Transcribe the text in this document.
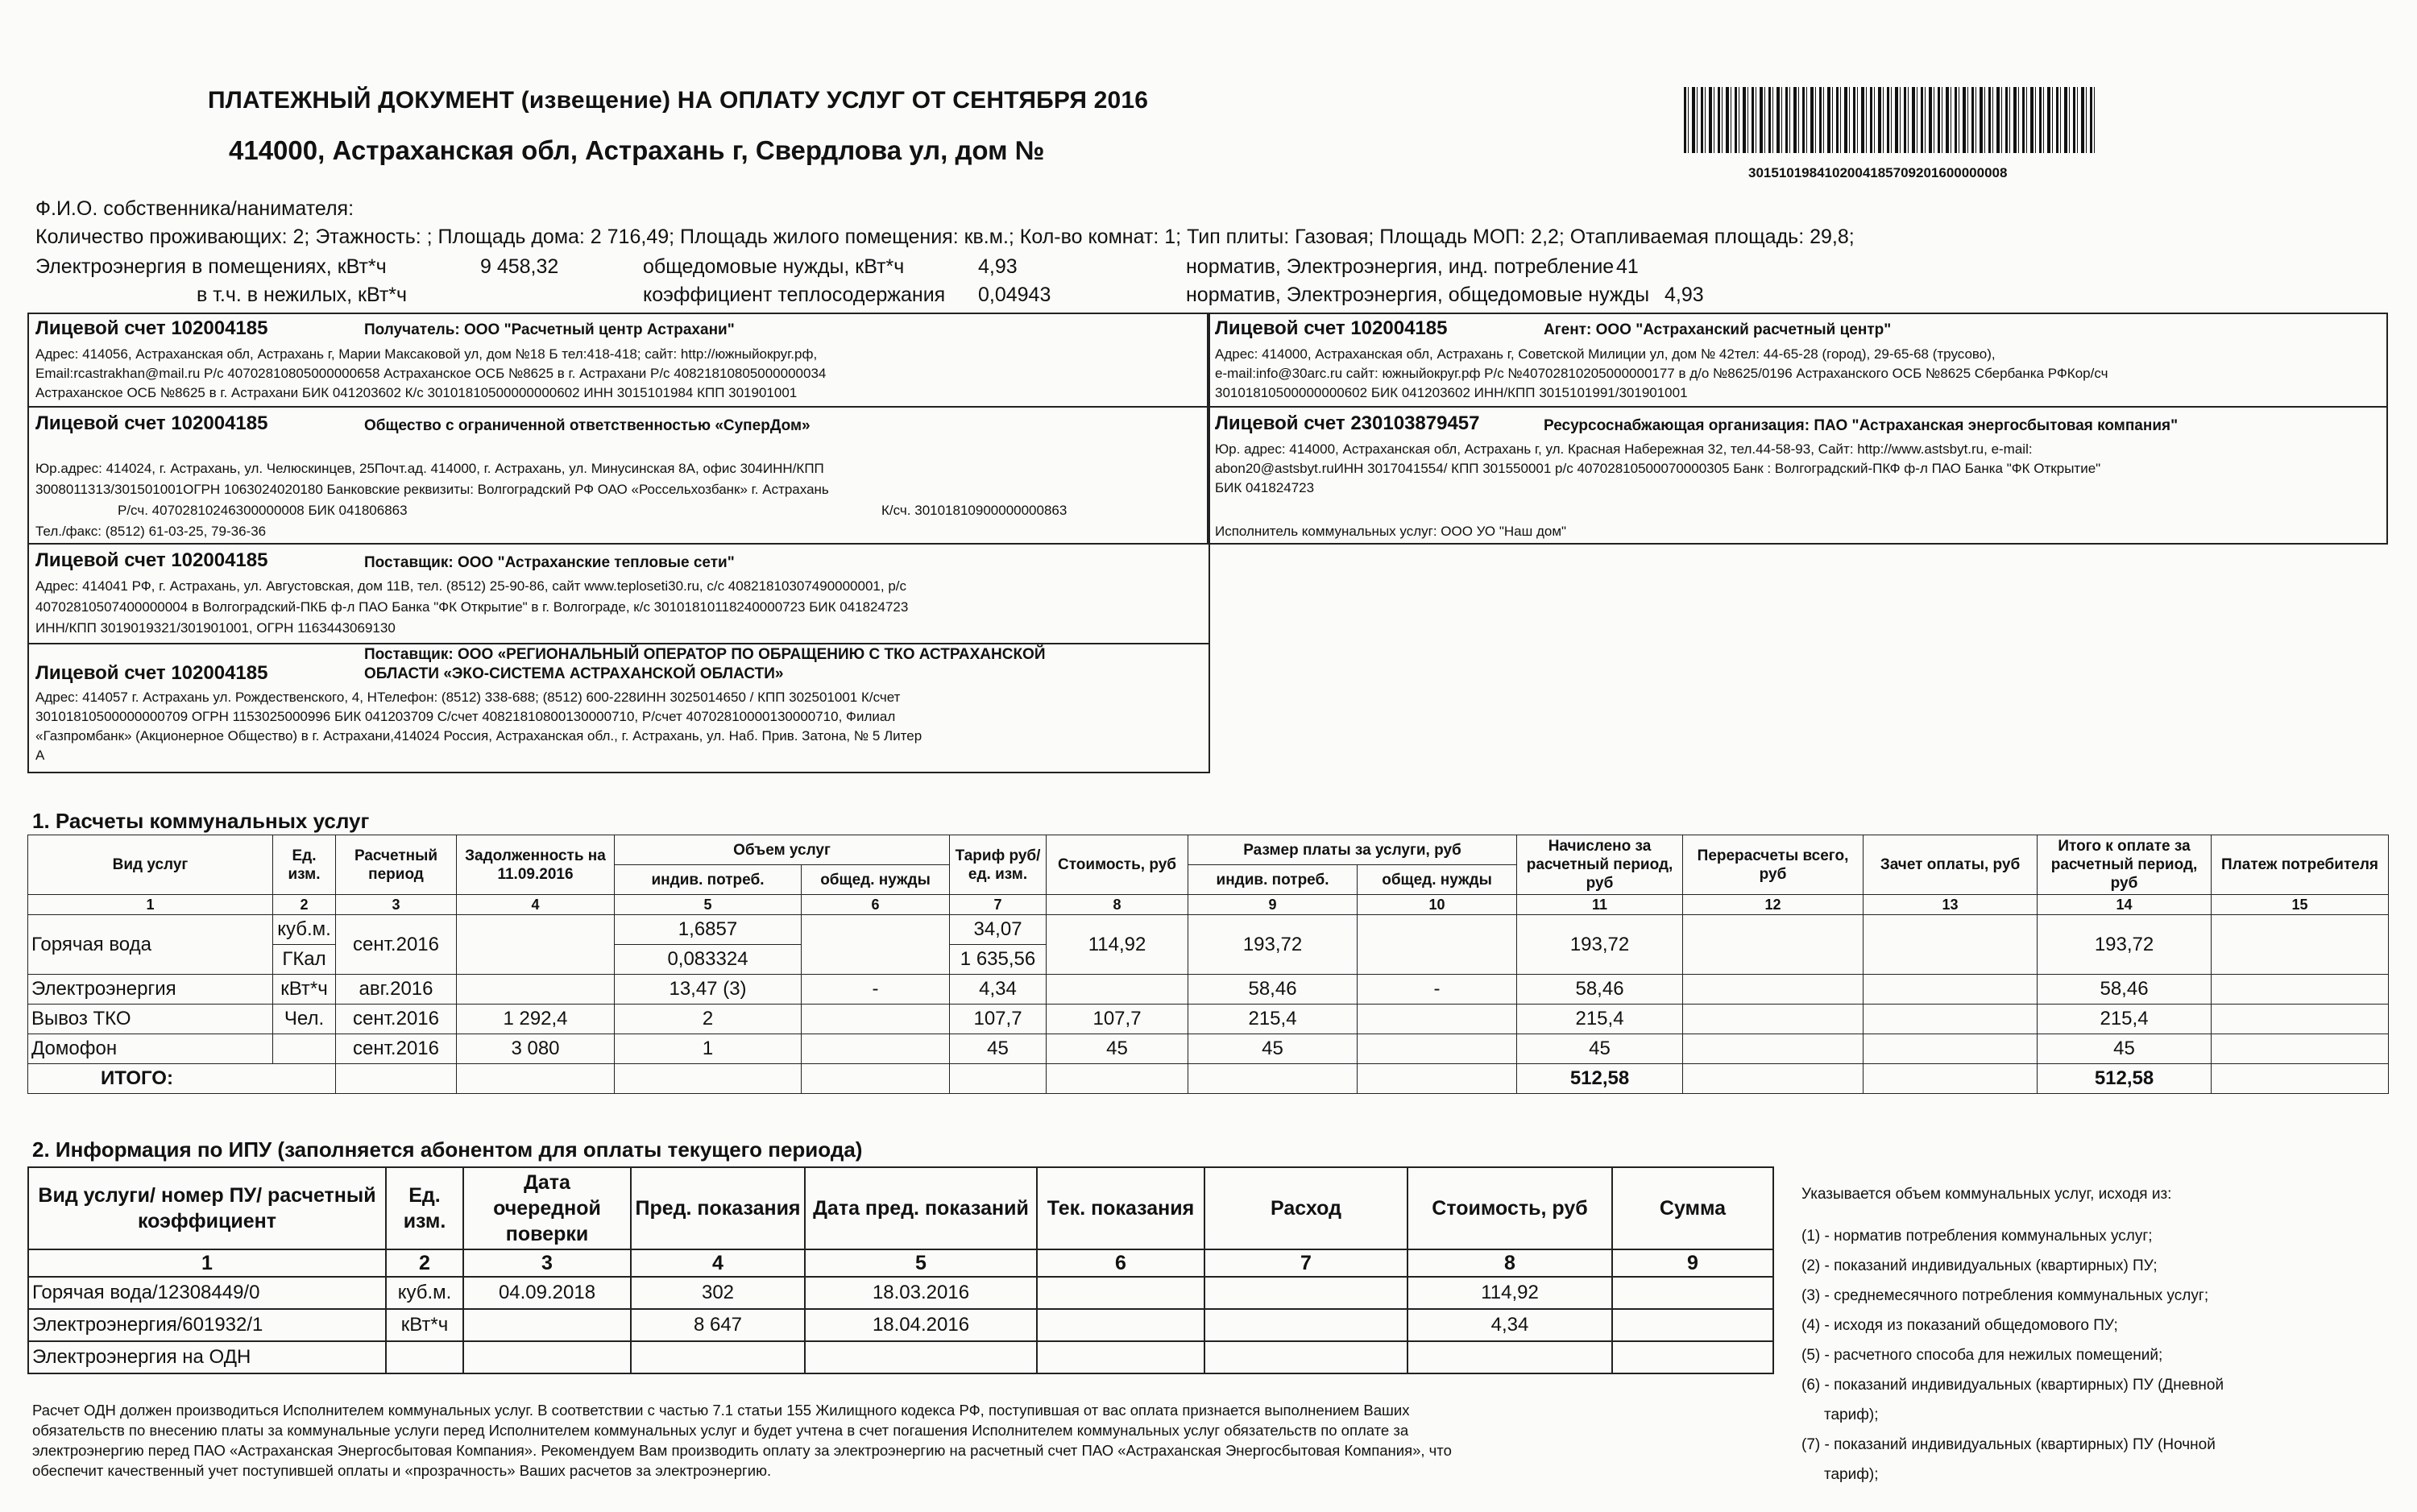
ПЛАТЕЖНЫЙ ДОКУМЕНТ (извещение) НА ОПЛАТУ УСЛУГ ОТ СЕНТЯБРЯ 2016
414000, Астраханская обл, Астрахань г, Свердлова ул, дом №
3015101984102004185709201600000008
Ф.И.О. собственника/нанимателя:
Количество проживающих: 2; Этажность: ; Площадь дома: 2 716,49; Площадь жилого помещения: кв.м.; Кол-во комнат: 1; Тип плиты: Газовая; Площадь МОП: 2,2; Отапливаемая площадь: 29,8;
Электроэнергия в помещениях, кВт*ч	9 458,32
в т.ч. в нежилых, кВт*ч
общедомовые нужды, кВт*ч	4,93
коэффициент теплосодержания 0,04943
норматив, Электроэнергия, инд. потребление 41
норматив, Электроэнергия, общедомовые нужды 4,93
Лицевой счет 102004185	Получатель: ООО "Расчетный центр Астрахани"
Адрес: 414056, Астраханская обл, Астрахань г, Марии Максаковой ул, дом №18 Б тел:418-418; сайт: http://южныйокруг.рф,
Email:rcastrakhan@mail.ru Р/с 40702810805000000658 Астраханское ОСБ №8625 в г. Астрахани Р/с 40821810805000000034
Астраханское ОСБ №8625 в г. Астрахани БИК 041203602 К/с 30101810500000000602 ИНН 3015101984 КПП 301901001
Лицевой счет 102004185	Общество с ограниченной ответственностью «СуперДом»
Юр.адрес: 414024, г. Астрахань, ул. Челюскинцев, 25Почт.ад. 414000, г. Астрахань, ул. Минусинская 8А, офис 304ИНН/КПП
3008011313/301501001ОГРН 1063024020180 Банковские реквизиты: Волгоградский РФ ОАО «Россельхозбанк» г. Астрахань
Р/сч. 40702810246300000008 БИК 041806863	К/сч. 30101810900000000863
Тел./факс: (8512) 61-03-25, 79-36-36
Лицевой счет 102004185	Поставщик: ООО "Астраханские тепловые сети"
Адрес: 414041 РФ, г. Астрахань, ул. Августовская, дом 11В, тел. (8512) 25-90-86, сайт www.teploseti30.ru, с/с 40821810307490000001, р/с
40702810507400000004 в Волгоградский-ПКБ ф-л ПАО Банка "ФК Открытие" в г. Волгограде, к/с 30101810118240000723 БИК 041824723
ИНН/КПП 3019019321/301901001, ОГРН 1163443069130
Лицевой счет 102004185
Поставщик: ООО «РЕГИОНАЛЬНЫЙ ОПЕРАТОР ПО ОБРАЩЕНИЮ С ТКО АСТРАХАНСКОЙ
ОБЛАСТИ «ЭКО-СИСТЕМА АСТРАХАНСКОЙ ОБЛАСТИ»
Адрес: 414057 г. Астрахань ул. Рождественского, 4, НТелефон: (8512) 338-688; (8512) 600-228ИНН 3025014650 / КПП 302501001 К/счет
30101810500000000709 ОГРН 1153025000996 БИК 041203709 С/счет 40821810800130000710, Р/счет 40702810000130000710, Филиал
«Газпромбанк» (Акционерное Общество) в г. Астрахани,414024 Россия, Астраханская обл., г. Астрахань, ул. Наб. Прив. Затона, № 5 Литер
А
Лицевой счет 102004185	Агент: ООО "Астраханский расчетный центр"
Адрес: 414000, Астраханская обл, Астрахань г, Советской Милиции ул, дом № 42тел: 44-65-28 (город), 29-65-68 (трусово),
e-mail:info@30arc.ru сайт: южныйокруг.рф Р/с №40702810205000000177 в д/о №8625/0196 Астраханского ОСБ №8625 Сбербанка РФКор/сч
30101810500000000602 БИК 041203602 ИНН/КПП 3015101991/301901001
Лицевой счет 230103879457	Ресурсоснабжающая организация: ПАО "Астраханская энергосбытовая компания"
Юр. адрес: 414000, Астраханская обл, Астрахань г, ул. Красная Набережная 32, тел.44-58-93, Сайт: http://www.astsbyt.ru, e-mail:
abon20@astsbyt.ruИНН 3017041554/ КПП 301550001 р/с 40702810500070000305 Банк : Волгоградский-ПКФ ф-л ПАО Банка "ФК Открытие"
БИК 041824723
Исполнитель коммунальных услуг: ООО УО "Наш дом"
1. Расчеты коммунальных услуг
Вид услуг	Ед. изм.	Расчетный период	Задолженность на 11.09.2016	Объем услуг		Тариф руб/ед. изм.	Стоимость, руб	Размер платы за услуги, руб		Начислено за расчетный период, руб	Перерасчеты всего, руб	Зачет оплаты, руб	Итого к оплате за расчетный период, руб	Платеж потребителя
				индив. потреб.	общед. нужды			индив. потреб.	общед. нужды					
1	2	3	4	5	6	7	8	9	10	11	12	13	14	15
Горячая вода	куб.м.	сент.2016		1,6857		34,07	114,92	193,72		193,72			193,72	
	ГКал			0,083324		1 635,56								
Электроэнергия	кВт*ч	авг.2016		13,47 (3)	-	4,34		58,46	-	58,46			58,46	
Вывоз ТКО	Чел.	сент.2016	1 292,4	2		107,7	107,7	215,4		215,4			215,4	
Домофон		сент.2016	3 080	1		45	45	45		45			45	
ИТОГО:										512,58			512,58	
2. Информация по ИПУ (заполняется абонентом для оплаты текущего периода)
Вид услуги/ номер ПУ/ расчетный коэффициент	Ед. изм.	Дата очередной поверки	Пред. показания	Дата пред. показаний	Тек. показания	Расход	Стоимость, руб	Сумма
1	2	3	4	5	6	7	8	9
Горячая вода/12308449/0	куб.м.	04.09.2018	302	18.03.2016			114,92	
Электроэнергия/601932/1	кВт*ч		8 647	18.04.2016			4,34	
Электроэнергия на ОДН								
Указывается объем коммунальных услуг, исходя из:
(1) - норматив потребления коммунальных услуг;
(2) - показаний индивидуальных (квартирных) ПУ;
(3) - среднемесячного потребления коммунальных услуг;
(4) - исходя из показаний общедомового ПУ;
(5) - расчетного способа для нежилых помещений;
(6) - показаний индивидуальных (квартирных) ПУ (Дневной
тариф);
(7) - показаний индивидуальных (квартирных) ПУ (Ночной
тариф);
Расчет ОДН должен производиться Исполнителем коммунальных услуг. В соответствии с частью 7.1 статьи 155 Жилищного кодекса РФ, поступившая от вас оплата признается выполнением Ваших
обязательств по внесению платы за коммунальные услуги перед Исполнителем коммунальных услуг и будет учтена в счет погашения Исполнителем коммунальных услуг обязательств по оплате за
электроэнергию перед ПАО «Астраханская Энергосбытовая Компания». Рекомендуем Вам производить оплату за электроэнергию на расчетный счет ПАО «Астраханская Энергосбытовая Компания», что
обеспечит качественный учет поступившей оплаты и «прозрачность» Ваших расчетов за электроэнергию.
